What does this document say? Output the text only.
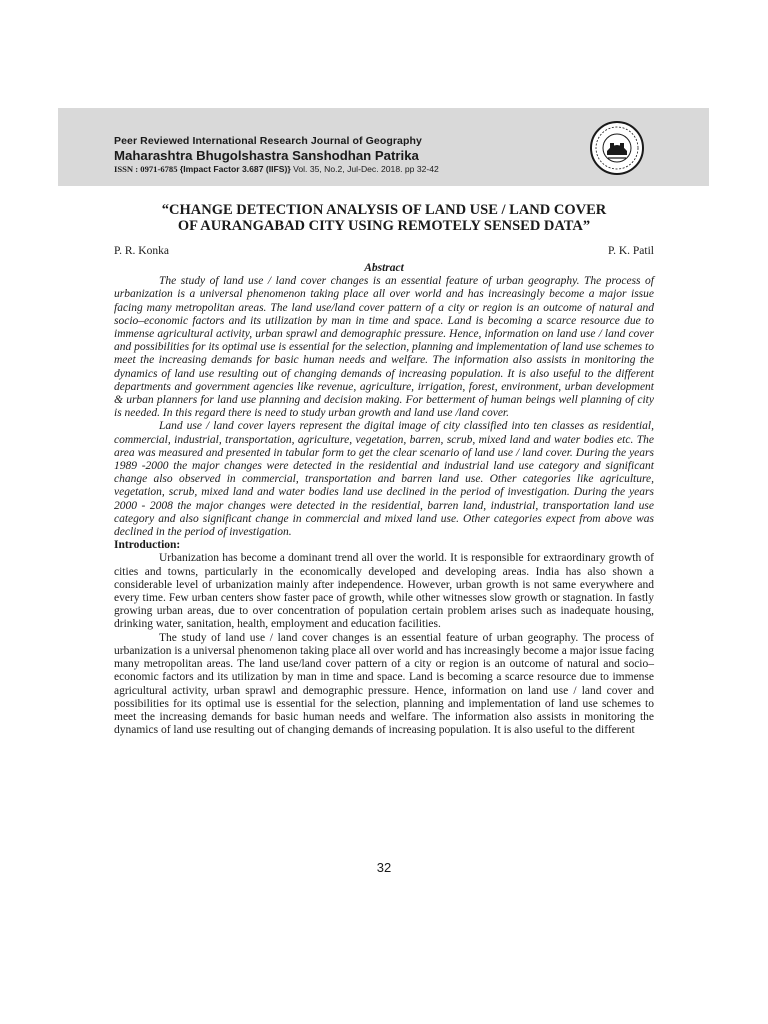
Peer Reviewed International Research Journal of Geography
Maharashtra Bhugolshastra Sanshodhan Patrika
ISSN : 0971-6785 {Impact Factor 3.687 (IIFS)} Vol. 35, No.2, Jul-Dec. 2018. pp 32-42
“CHANGE DETECTION ANALYSIS OF LAND USE / LAND COVER
OF AURANGABAD CITY USING REMOTELY SENSED DATA”
P. R. Konka	P. K. Patil
Abstract

The study of land use / land cover changes is an essential feature of urban geography. The process of urbanization is a universal phenomenon taking place all over world and has increasingly become a major issue facing many metropolitan areas. The land use/land cover pattern of a city or region is an outcome of natural and socio–economic factors and its utilization by man in time and space. Land is becoming a scarce resource due to immense agricultural activity, urban sprawl and demographic pressure. Hence, information on land use / land cover and possibilities for its optimal use is essential for the selection, planning and implementation of land use schemes to meet the increasing demands for basic human needs and welfare. The information also assists in monitoring the dynamics of land use resulting out of changing demands of increasing population. It is also useful to the different departments and government agencies like revenue, agriculture, irrigation, forest, environment, urban development & urban planners for land use planning and decision making. For betterment of human beings well planning of city is needed. In this regard there is need to study urban growth and land use /land cover.

Land use / land cover layers represent the digital image of city classified into ten classes as residential, commercial, industrial, transportation, agriculture, vegetation, barren, scrub, mixed land and water bodies etc. The area was measured and presented in tabular form to get the clear scenario of land use / land cover. During the years 1989 -2000 the major changes were detected in the residential and industrial land use category and significant change also observed in commercial, transportation and barren land use. Other categories like agriculture, vegetation, scrub, mixed land and water bodies land use declined in the period of investigation. During the years 2000 - 2008 the major changes were detected in the residential, barren land, industrial, transportation land use category and also significant change in commercial and mixed land use. Other categories expect from above was declined in the period of investigation.

Introduction:

Urbanization has become a dominant trend all over the world. It is responsible for extraordinary growth of cities and towns, particularly in the economically developed and developing areas. India has also shown a considerable level of urbanization mainly after independence. However, urban growth is not same everywhere and every time. Few urban centers show faster pace of growth, while other witnesses slow growth or stagnation. In fastly growing urban areas, due to over concentration of population certain problem arises such as inadequate housing, drinking water, sanitation, health, employment and education facilities.

The study of land use / land cover changes is an essential feature of urban geography. The process of urbanization is a universal phenomenon taking place all over world and has increasingly become a major issue facing many metropolitan areas. The land use/land cover pattern of a city or region is an outcome of natural and socio–economic factors and its utilization by man in time and space. Land is becoming a scarce resource due to immense agricultural activity, urban sprawl and demographic pressure. Hence, information on land use / land cover and possibilities for its optimal use is essential for the selection, planning and implementation of land use schemes to meet the increasing demands for basic human needs and welfare. The information also assists in monitoring the dynamics of land use resulting out of changing demands of increasing population. It is also useful to the different

32
